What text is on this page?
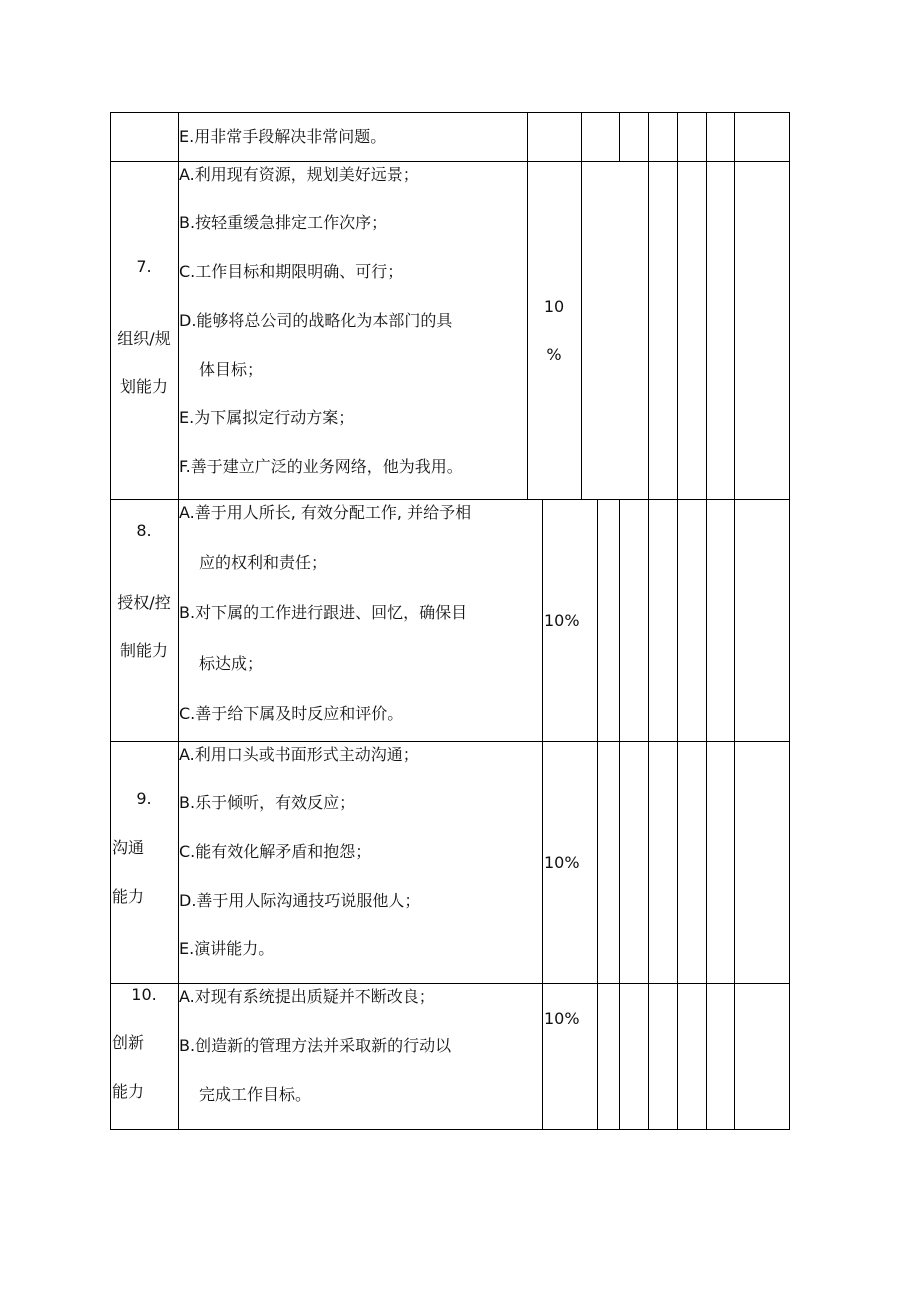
E.用非常手段解决非常问题。
7.
组织/规
划能力
A.利用现有资源，规划美好远景；
B.按轻重缓急排定工作次序；
C.工作目标和期限明确、可行；
D.能够将总公司的战略化为本部门的具
体目标；
E.为下属拟定行动方案；
F.善于建立广泛的业务网络，他为我用。
10
%
8.
授权/控
制能力
A.善于用人所长, 有效分配工作, 并给予相
应的权利和责任；
B.对下属的工作进行跟进、回忆，确保目
标达成；
C.善于给下属及时反应和评价。
10%
9.
沟通
能力
A.利用口头或书面形式主动沟通；
B.乐于倾听，有效反应；
C.能有效化解矛盾和抱怨；
D.善于用人际沟通技巧说服他人；
E.演讲能力。
10%
10.
创新
能力
A.对现有系统提出质疑并不断改良；
B.创造新的管理方法并采取新的行动以
完成工作目标。
10%
